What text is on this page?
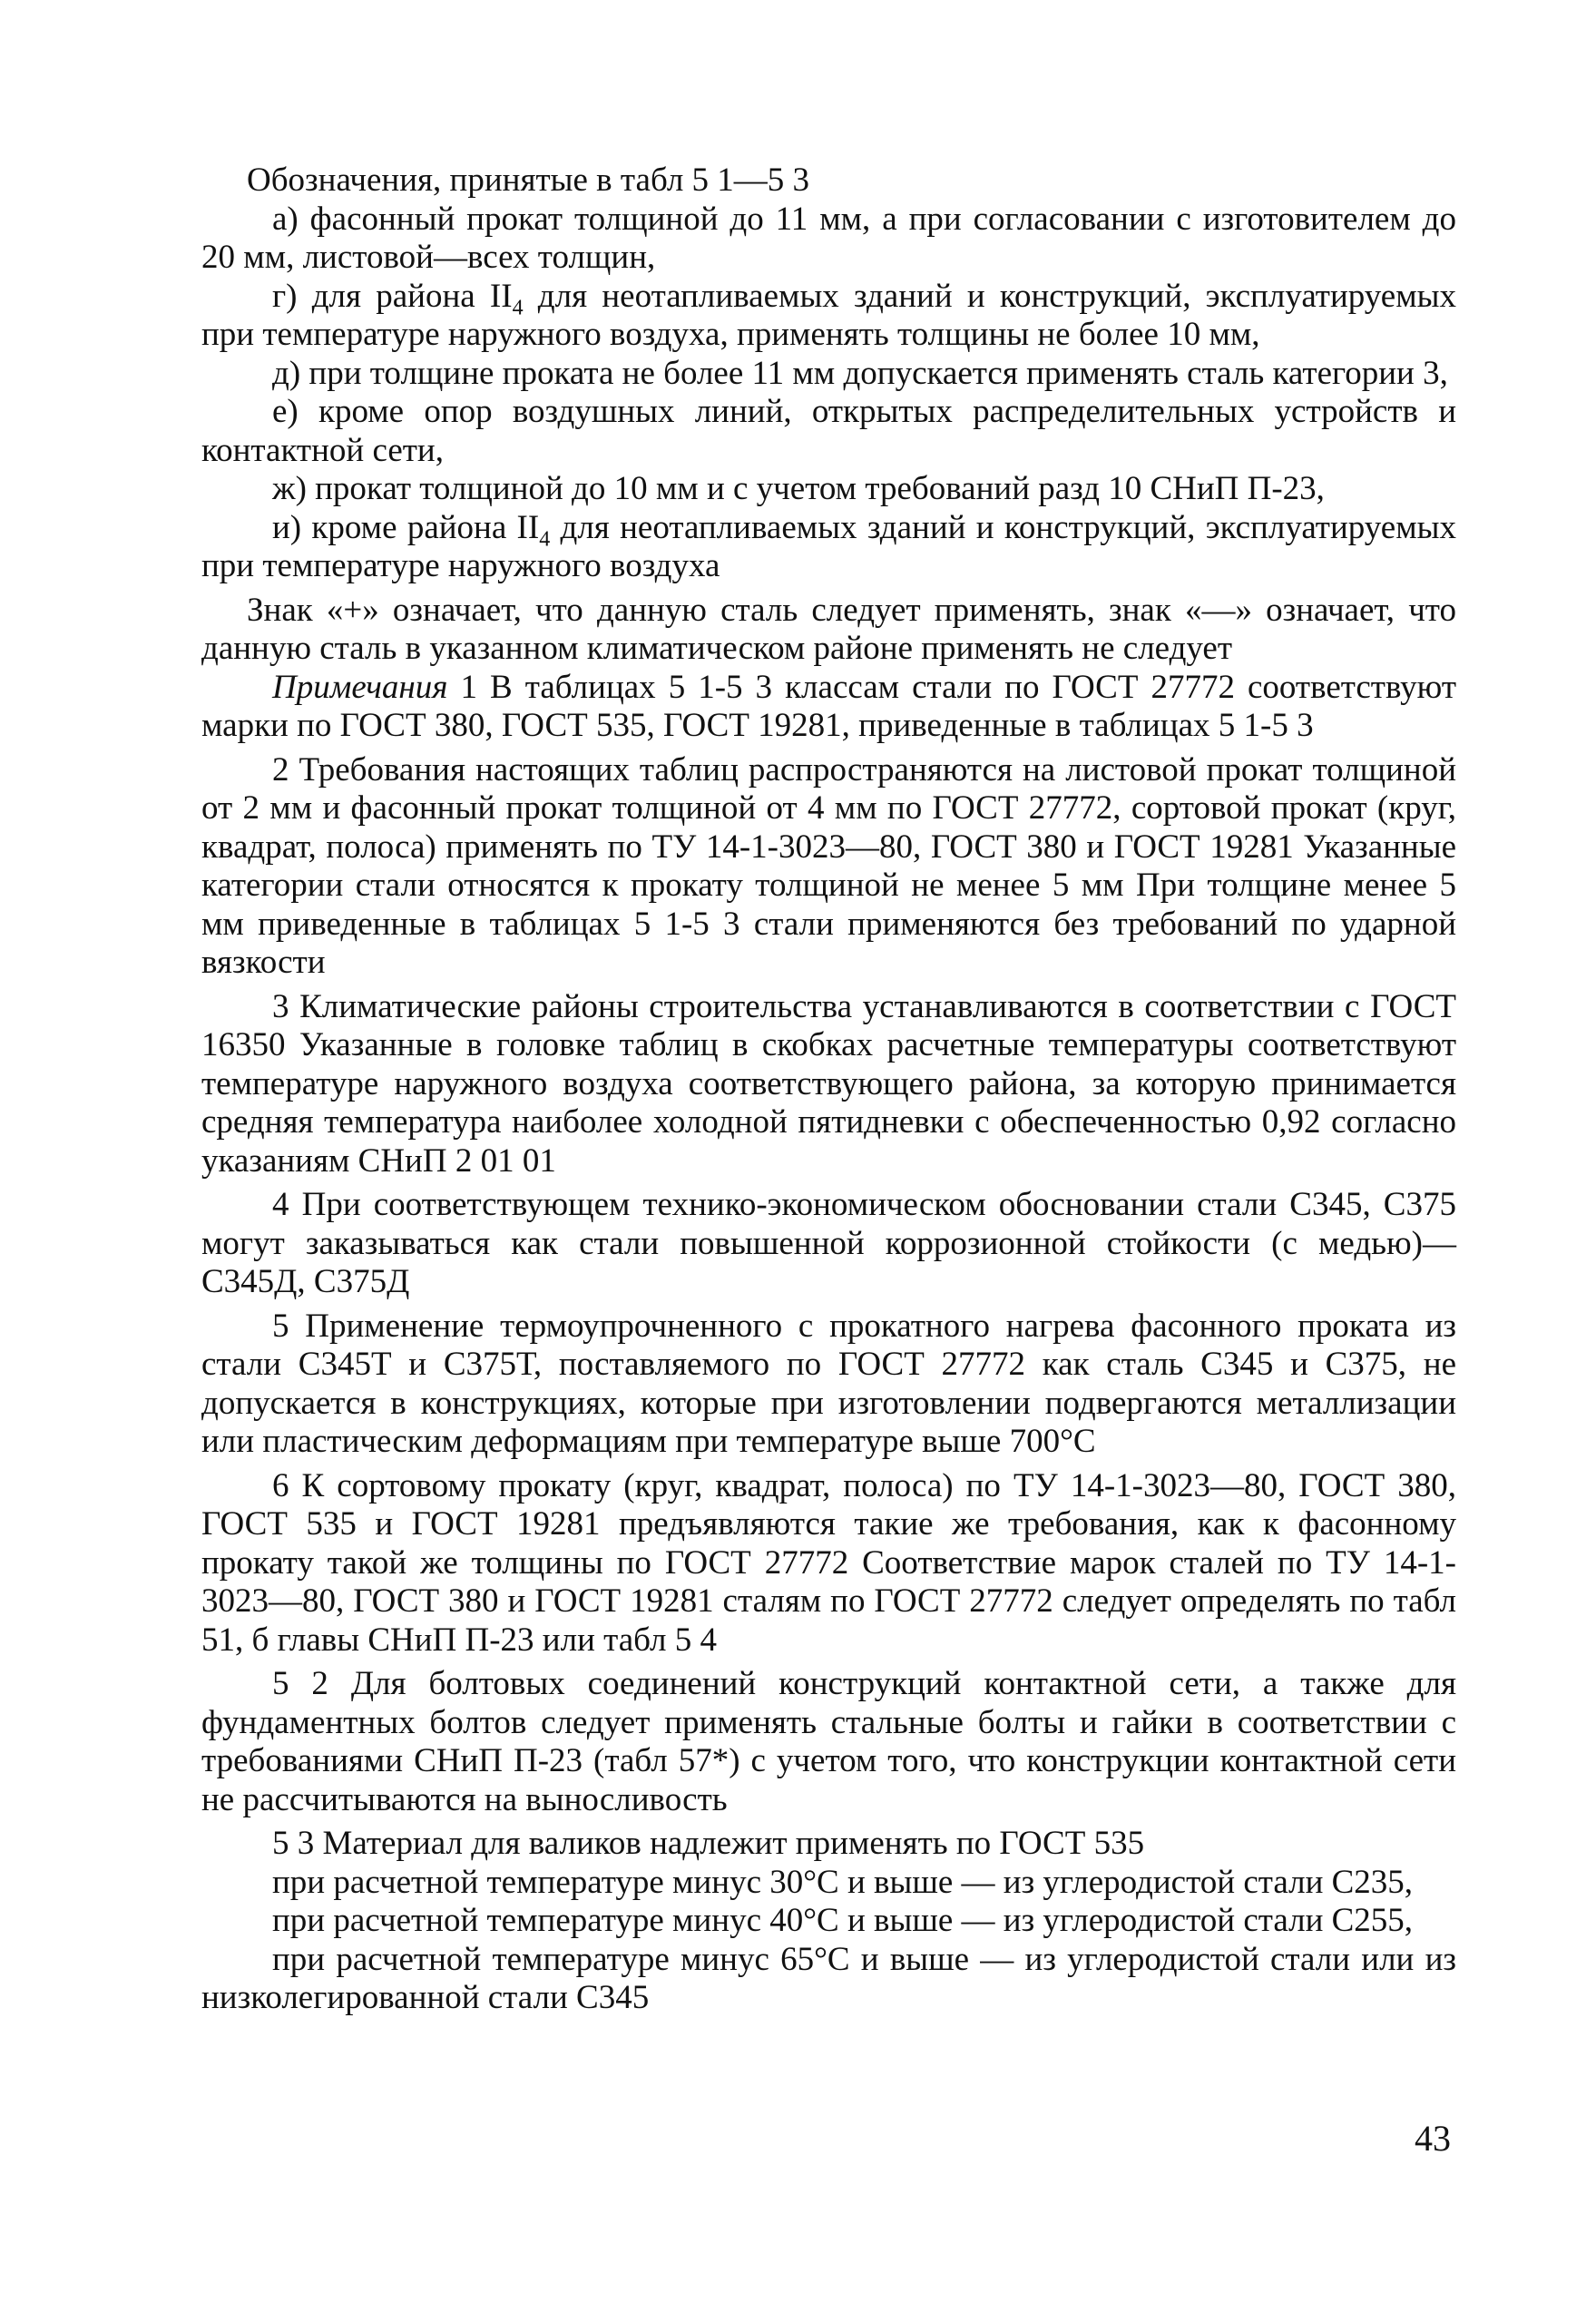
Обозначения, принятые в табл 5 1—5 3

а) фасонный прокат толщиной до 11 мм, а при согласовании с изготовителем до 20 мм, листовой—всех толщин,

г) для района $II_4$ для неотапливаемых зданий и конструкций, эксплуатируемых при температуре наружного воздуха, применять толщины не более 10 мм,

д) при толщине проката не более 11 мм допускается применять сталь категории 3,

е) кроме опор воздушных линий, открытых распределительных устройств и контактной сети,

ж) прокат толщиной до 10 мм и с учетом требований разд 10 СНиП П-23,

и) кроме района $II_4$ для неотапливаемых зданий и конструкций, эксплуатируемых при температуре наружного воздуха

Знак «+» означает, что данную сталь следует применять, знак «—» означает, что данную сталь в указанном климатическом районе применять не следует

Примечания 1 В таблицах 5 1-5 3 классам стали по ГОСТ 27772 соответствуют марки по ГОСТ 380, ГОСТ 535, ГОСТ 19281, приведенные в таблицах 5 1-5 3

2 Требования настоящих таблиц распространяются на листовой прокат толщиной от 2 мм и фасонный прокат толщиной от 4 мм по ГОСТ 27772, сортовой прокат (круг, квадрат, полоса) применять по ТУ 14-1-3023—80, ГОСТ 380 и ГОСТ 19281 Указанные категории стали относятся к прокату толщиной не менее 5 мм При толщине менее 5 мм приведенные в таблицах 5 1-5 3 стали применяются без требований по ударной вязкости

3 Климатические районы строительства устанавливаются в соответствии с ГОСТ 16350 Указанные в головке таблиц в скобках расчетные температуры соответствуют температуре наружного воздуха соответствующего района, за которую принимается средняя температура наиболее холодной пятидневки с обеспеченностью 0,92 согласно указаниям СНиП 2 01 01

4 При соответствующем технико-экономическом обосновании стали С345, С375 могут заказываться как стали повышенной коррозионной стойкости (с медью)—С345Д, С375Д

5 Применение термоупрочненного с прокатного нагрева фасонного проката из стали С345Т и С375Т, поставляемого по ГОСТ 27772 как сталь С345 и С375, не допускается в конструкциях, которые при изготовлении подвергаются металлизации или пластическим деформациям при температуре выше 700°С

6 К сортовому прокату (круг, квадрат, полоса) по ТУ 14-1-3023—80, ГОСТ 380, ГОСТ 535 и ГОСТ 19281 предъявляются такие же требования, как к фасонному прокату такой же толщины по ГОСТ 27772 Соответствие марок сталей по ТУ 14-1-3023—80, ГОСТ 380 и ГОСТ 19281 сталям по ГОСТ 27772 следует определять по табл 51, б главы СНиП П-23 или табл 5 4

5 2 Для болтовых соединений конструкций контактной сети, а также для фундаментных болтов следует применять стальные болты и гайки в соответствии с требованиями СНиП П-23 (табл 57*) с учетом того, что конструкции контактной сети не рассчитываются на выносливость

5 3 Материал для валиков надлежит применять по ГОСТ 535

при расчетной температуре минус 30°С и выше — из углеродистой стали С235,

при расчетной температуре минус 40°С и выше — из углеродистой стали С255,

при расчетной температуре минус 65°С и выше — из углеродистой стали или из низколегированной стали С345

43
